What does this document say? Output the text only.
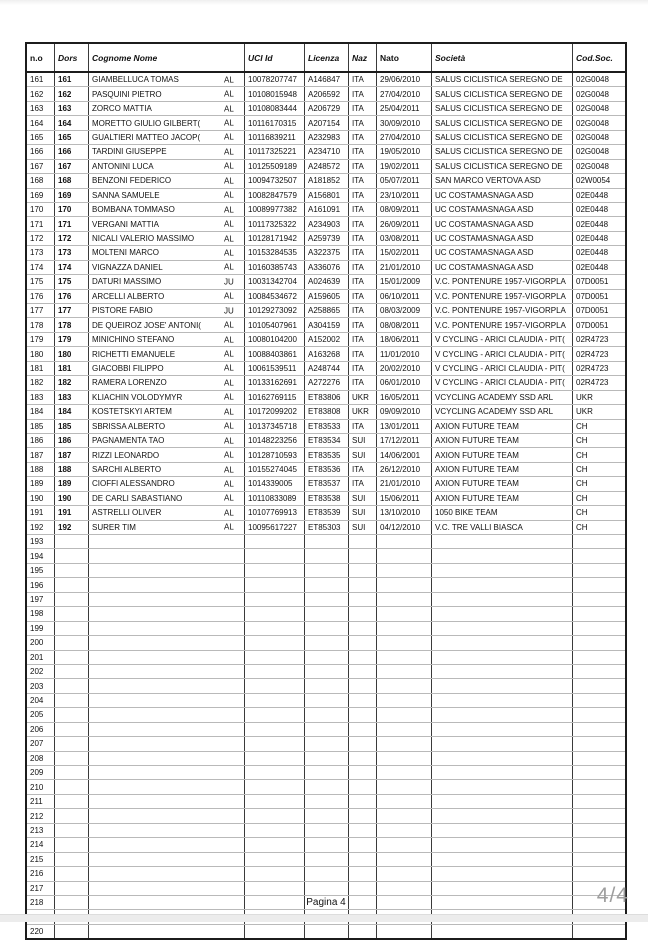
n.o	Dors	Cognome Nome	UCI Id	Licenza	Naz	Nato	Società	Cod.Soc.
161	161	GIAMBELLUCA TOMAS	AL	10078207747	A146847	ITA	29/06/2010	SALUS CICLISTICA SEREGNO DE	02G0048
162	162	PASQUINI PIETRO	AL	10108015948	A206592	ITA	27/04/2010	SALUS CICLISTICA SEREGNO DE	02G0048
163	163	ZORCO MATTIA	AL	10108083444	A206729	ITA	25/04/2011	SALUS CICLISTICA SEREGNO DE	02G0048
164	164	MORETTO GIULIO GILBERT(	AL	10116170315	A207154	ITA	30/09/2010	SALUS CICLISTICA SEREGNO DE	02G0048
165	165	GUALTIERI MATTEO JACOP(	AL	10116839211	A232983	ITA	27/04/2010	SALUS CICLISTICA SEREGNO DE	02G0048
166	166	TARDINI GIUSEPPE	AL	10117325221	A234710	ITA	19/05/2010	SALUS CICLISTICA SEREGNO DE	02G0048
167	167	ANTONINI LUCA	AL	10125509189	A248572	ITA	19/02/2011	SALUS CICLISTICA SEREGNO DE	02G0048
168	168	BENZONI FEDERICO	AL	10094732507	A181852	ITA	05/07/2011	SAN MARCO VERTOVA ASD	02W0054
169	169	SANNA SAMUELE	AL	10082847579	A156801	ITA	23/10/2011	UC COSTAMASNAGA ASD	02E0448
170	170	BOMBANA TOMMASO	AL	10089977382	A161091	ITA	08/09/2011	UC COSTAMASNAGA ASD	02E0448
171	171	VERGANI MATTIA	AL	10117325322	A234903	ITA	26/09/2011	UC COSTAMASNAGA ASD	02E0448
172	172	NICALI VALERIO MASSIMO	AL	10128171942	A259739	ITA	03/08/2011	UC COSTAMASNAGA ASD	02E0448
173	173	MOLTENI MARCO	AL	10153284535	A322375	ITA	15/02/2011	UC COSTAMASNAGA ASD	02E0448
174	174	VIGNAZZA DANIEL	AL	10160385743	A336076	ITA	21/01/2010	UC COSTAMASNAGA ASD	02E0448
175	175	DATURI MASSIMO	JU	10031342704	A024639	ITA	15/01/2009	V.C. PONTENURE 1957-VIGORPLA	07D0051
176	176	ARCELLI ALBERTO	AL	10084534672	A159605	ITA	06/10/2011	V.C. PONTENURE 1957-VIGORPLA	07D0051
177	177	PISTORE FABIO	JU	10129273092	A258865	ITA	08/03/2009	V.C. PONTENURE 1957-VIGORPLA	07D0051
178	178	DE QUEIROZ JOSE' ANTONI(	AL	10105407961	A304159	ITA	08/08/2011	V.C. PONTENURE 1957-VIGORPLA	07D0051
179	179	MINICHINO STEFANO	AL	10080104200	A152002	ITA	18/06/2011	V CYCLING - ARICI CLAUDIA - PIT(	02R4723
180	180	RICHETTI EMANUELE	AL	10088403861	A163268	ITA	11/01/2010	V CYCLING - ARICI CLAUDIA - PIT(	02R4723
181	181	GIACOBBI FILIPPO	AL	10061539511	A248744	ITA	20/02/2010	V CYCLING - ARICI CLAUDIA - PIT(	02R4723
182	182	RAMERA LORENZO	AL	10133162691	A272276	ITA	06/01/2010	V CYCLING - ARICI CLAUDIA - PIT(	02R4723
183	183	KLIACHIN VOLODYMYR	AL	10162769115	ET83806	UKR	16/05/2011	VCYCLING ACADEMY SSD ARL	UKR
184	184	KOSTETSKYI ARTEM	AL	10172099202	ET83808	UKR	09/09/2010	VCYCLING ACADEMY SSD ARL	UKR
185	185	SBRISSA ALBERTO	AL	10137345718	ET83533	ITA	13/01/2011	AXION FUTURE TEAM	CH
186	186	PAGNAMENTA TAO	AL	10148223256	ET83534	SUI	17/12/2011	AXION FUTURE TEAM	CH
187	187	RIZZI LEONARDO	AL	10128710593	ET83535	SUI	14/06/2001	AXION FUTURE TEAM	CH
188	188	SARCHI ALBERTO	AL	10155274045	ET83536	ITA	26/12/2010	AXION FUTURE TEAM	CH
189	189	CIOFFI ALESSANDRO	AL	1014339005	ET83537	ITA	21/01/2010	AXION FUTURE TEAM	CH
190	190	DE CARLI SABASTIANO	AL	10110833089	ET83538	SUI	15/06/2011	AXION FUTURE TEAM	CH
191	191	ASTRELLI OLIVER	AL	10107769913	ET83539	SUI	13/10/2010	1050 BIKE TEAM	CH
192	192	SURER TIM	AL	10095617227	ET85303	SUI	04/12/2010	V.C. TRE VALLI BIASCA	CH
193
194
195
196
197
198
199
200
201
202
203
204
205
206
207
208
209
210
211
212
213
214
215
216
217
218
220
Pagina 4	4/4
